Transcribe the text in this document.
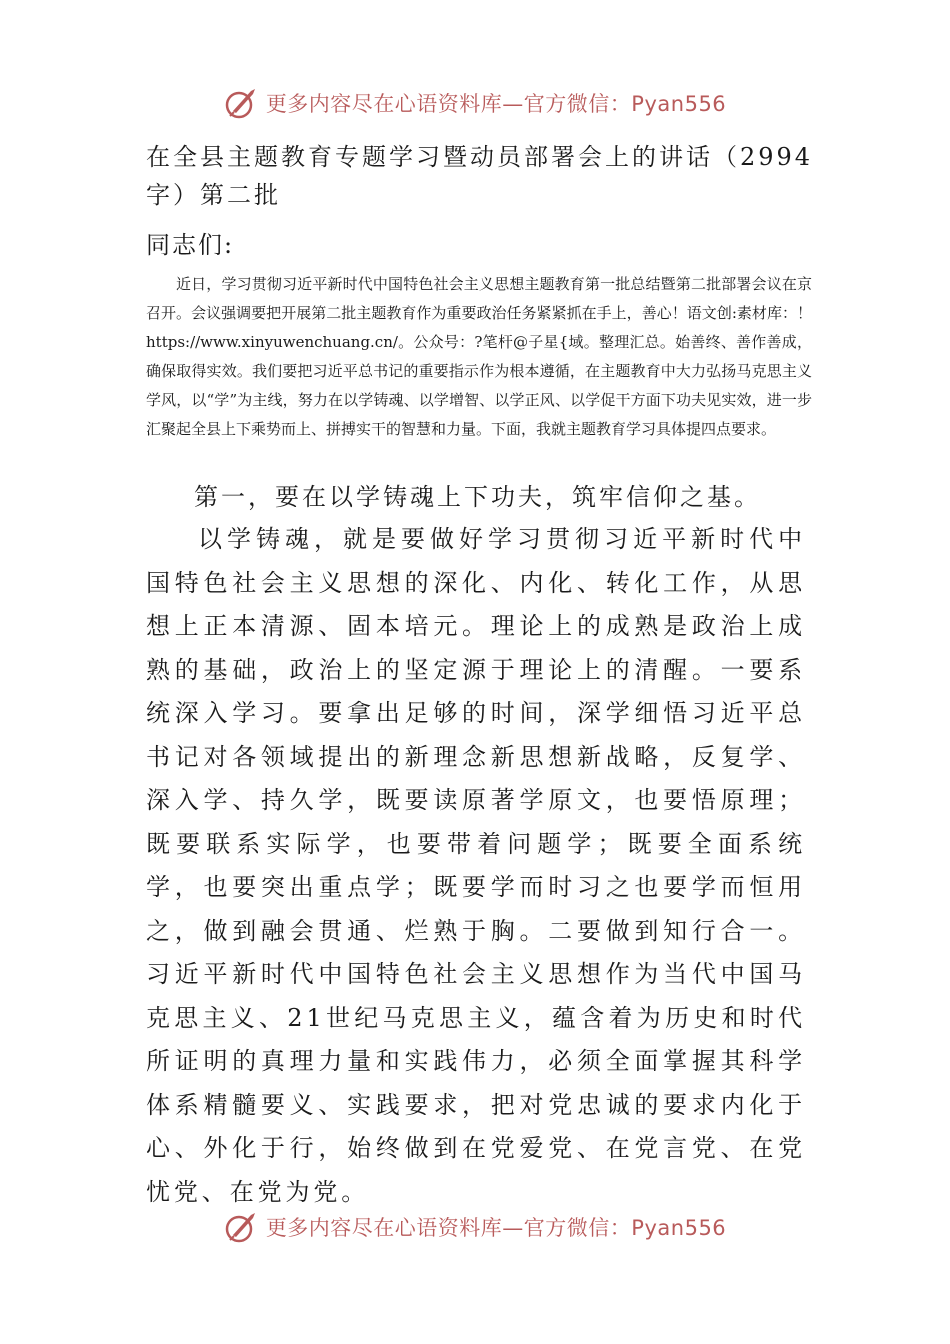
更多内容尽在心语资料库—官方微信：Pyan556
在全县主题教育专题学习暨动员部署会上的讲话（2994字）第二批
同志们:

近日，学习贯彻习近平新时代中国特色社会主义思想主题教育第一批总结暨第二批部署会议在京召开。会议强调要把开展第二批主题教育作为重要政治任务紧紧抓在手上，善心！语文创:素材库：！https://www.xinyuwenchuang.cn/。公众号：?笔杆@子星{域。整理汇总。始善终、善作善成，确保取得实效。我们要把习近平总书记的重要指示作为根本遵循，在主题教育中大力弘扬马克思主义学风，以“学”为主线，努力在以学铸魂、以学增智、以学正风、以学促干方面下功夫见实效，进一步汇聚起全县上下乘势而上、拼搏实干的智慧和力量。下面，我就主题教育学习具体提四点要求。

第一，要在以学铸魂上下功夫，筑牢信仰之基。

以学铸魂，就是要做好学习贯彻习近平新时代中国特色社会主义思想的深化、内化、转化工作，从思想上正本清源、固本培元。理论上的成熟是政治上成熟的基础，政治上的坚定源于理论上的清醒。一要系统深入学习。要拿出足够的时间，深学细悟习近平总书记对各领域提出的新理念新思想新战略，反复学、深入学、持久学，既要读原著学原文，也要悟原理；既要联系实际学，也要带着问题学；既要全面系统学，也要突出重点学；既要学而时习之也要学而恒用之，做到融会贯通、烂熟于胸。二要做到知行合一。习近平新时代中国特色社会主义思想作为当代中国马克思主义、21世纪马克思主义，蕴含着为历史和时代所证明的真理力量和实践伟力，必须全面掌握其科学体系精髓要义、实践要求，把对党忠诚的要求内化于心、外化于行，始终做到在党爱党、在党言党、在党忧党、在党为党。

更多内容尽在心语资料库—官方微信：Pyan556
